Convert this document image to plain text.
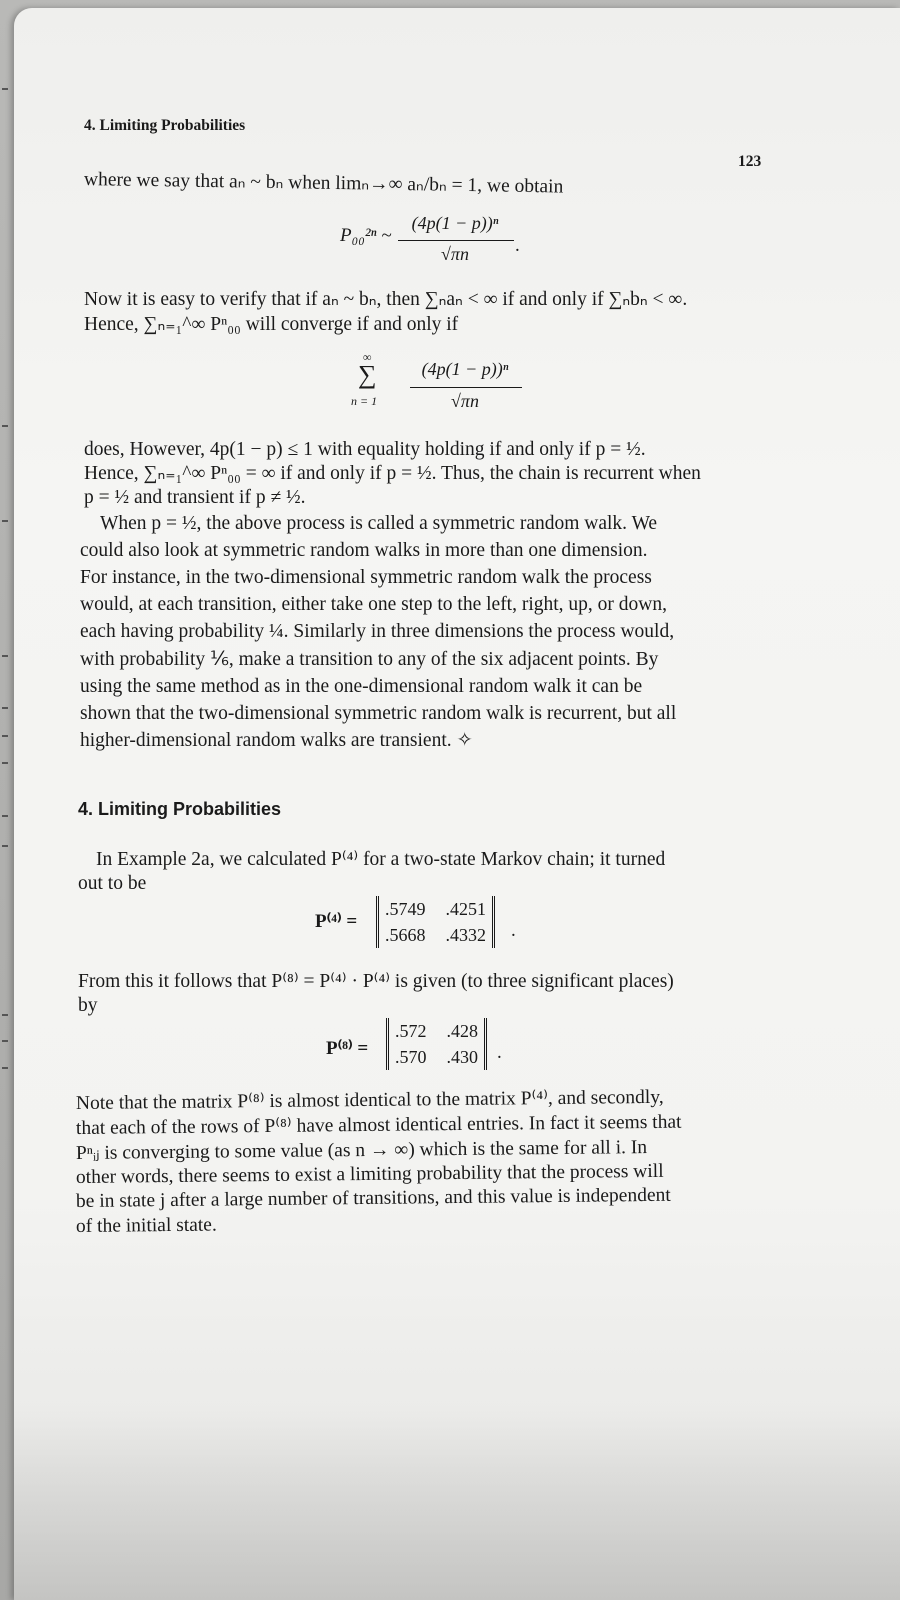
4. Limiting Probabilities
123
where we say that aₙ ~ bₙ when limₙ→∞ aₙ/bₙ = 1, we obtain
P₀₀²ⁿ ~
(4p(1 − p))ⁿ
√πn	.
Now it is easy to verify that if aₙ ~ bₙ, then ∑ₙaₙ < ∞ if and only if ∑ₙbₙ < ∞.
Hence, ∑ₙ₌₁^∞ Pⁿ₀₀ will converge if and only if
∞
∑
n = 1
(4p(1 − p))ⁿ
√πn
does, However, 4p(1 − p) ≤ 1 with equality holding if and only if p = ½.
Hence, ∑ₙ₌₁^∞ Pⁿ₀₀ = ∞ if and only if p = ½. Thus, the chain is recurrent when
p = ½ and transient if p ≠ ½.
When p = ½, the above process is called a symmetric random walk. We
could also look at symmetric random walks in more than one dimension.
For instance, in the two-dimensional symmetric random walk the process
would, at each transition, either take one step to the left, right, up, or down,
each having probability ¼. Similarly in three dimensions the process would,
with probability ⅙, make a transition to any of the six adjacent points. By
using the same method as in the one-dimensional random walk it can be
shown that the two-dimensional symmetric random walk is recurrent, but all
higher-dimensional random walks are transient. ✧
4. Limiting Probabilities
In Example 2a, we calculated P⁽⁴⁾ for a two-state Markov chain; it turned
out to be
P⁽⁴⁾ =
.5749 .4251
.5668 .4332 .
From this it follows that P⁽⁸⁾ = P⁽⁴⁾ · P⁽⁴⁾ is given (to three significant places)
by
P⁽⁸⁾ =
.572 .428
.570 .430 .
Note that the matrix P⁽⁸⁾ is almost identical to the matrix P⁽⁴⁾, and secondly,
that each of the rows of P⁽⁸⁾ have almost identical entries. In fact it seems that
Pⁿᵢⱼ is converging to some value (as n → ∞) which is the same for all i. In
other words, there seems to exist a limiting probability that the process will
be in state j after a large number of transitions, and this value is independent
of the initial state.
